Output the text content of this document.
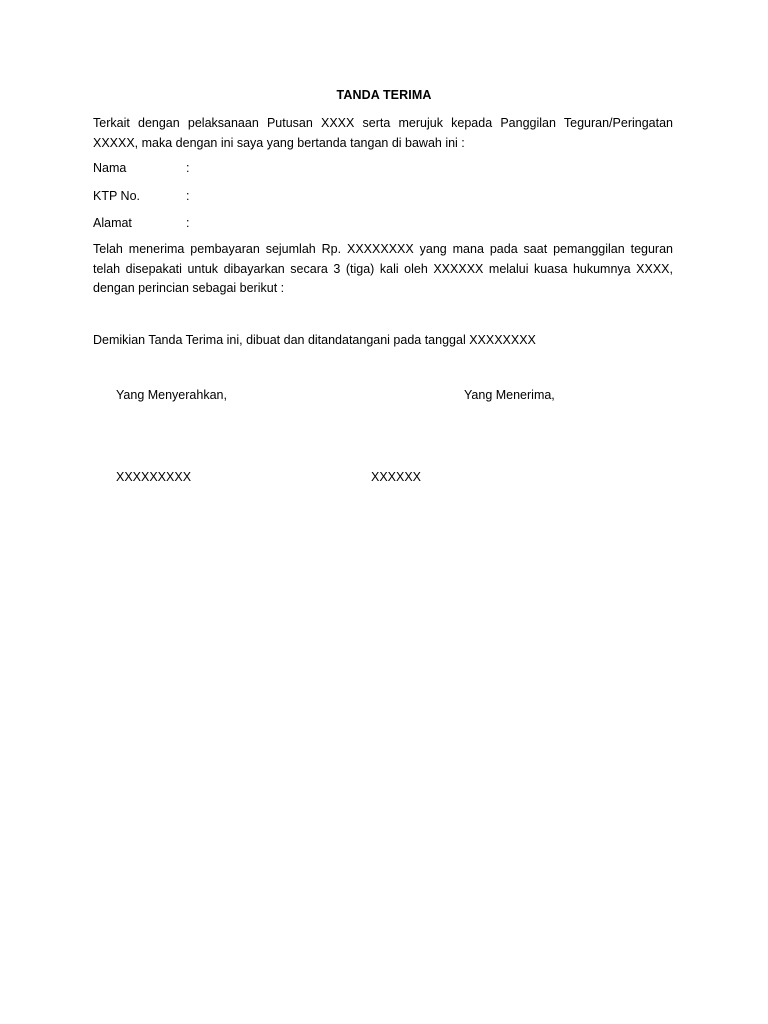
TANDA TERIMA
Terkait dengan pelaksanaan Putusan XXXX serta merujuk kepada Panggilan Teguran/Peringatan XXXXX, maka dengan ini saya yang bertanda tangan di bawah ini :
Nama	:
KTP No.	:
Alamat	:
Telah menerima pembayaran sejumlah Rp. XXXXXXXX yang mana pada saat pemanggilan teguran telah disepakati untuk dibayarkan secara 3 (tiga) kali oleh XXXXXX melalui kuasa hukumnya XXXX, dengan perincian sebagai berikut :
Demikian Tanda Terima ini, dibuat dan ditandatangani pada tanggal XXXXXXXX
Yang Menyerahkan,	Yang Menerima,
XXXXXXXXX	XXXXXX
